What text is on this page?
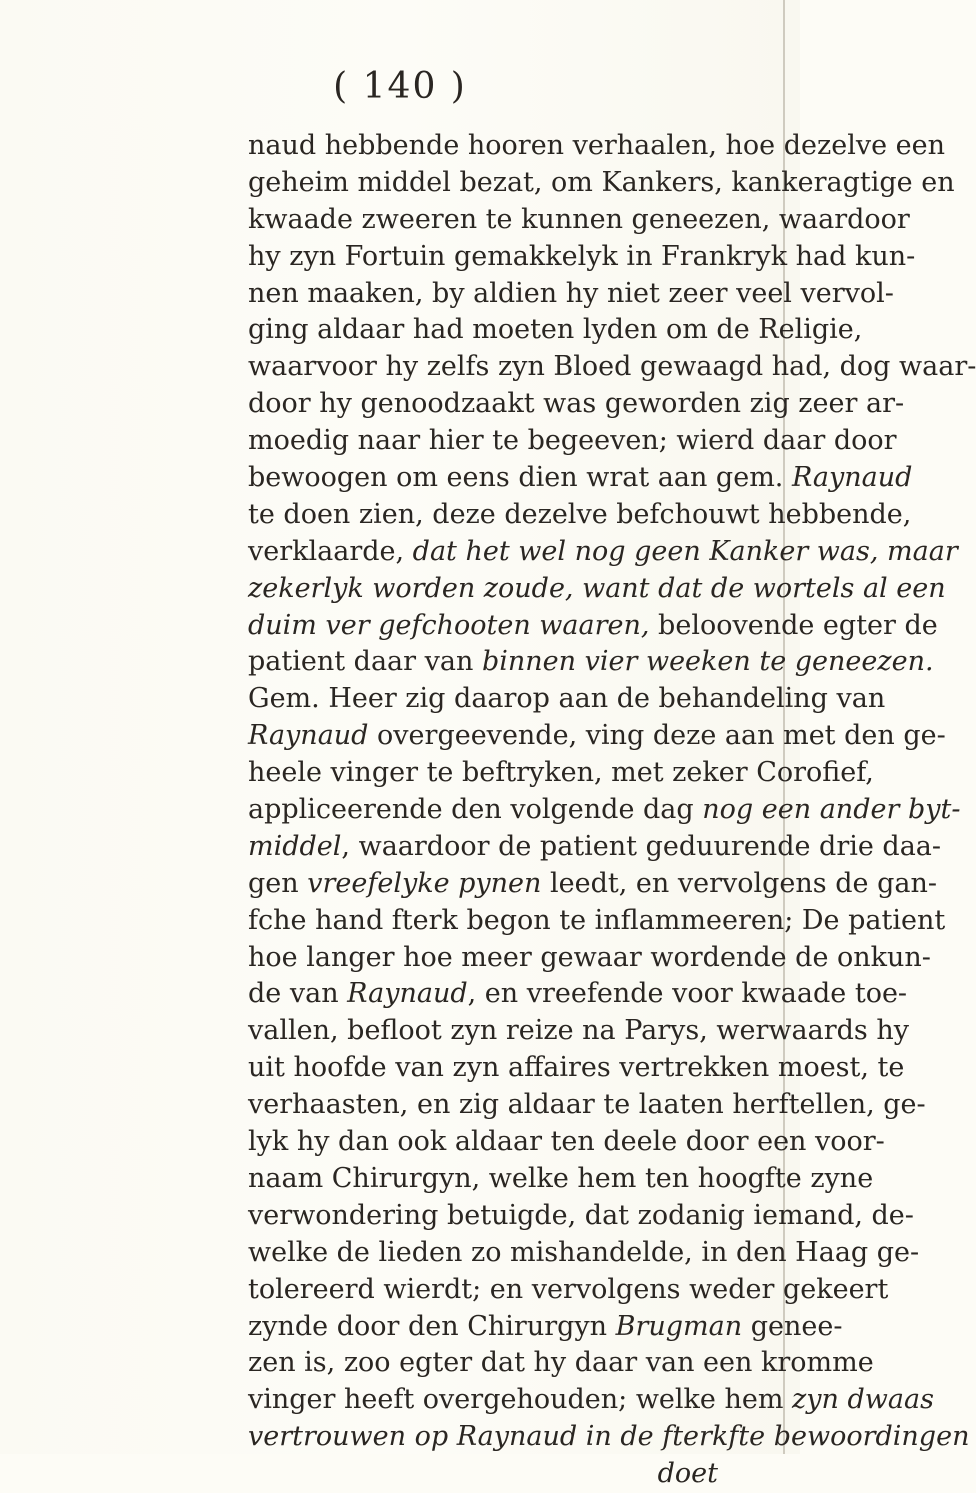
( 140 )
naud hebbende hooren verhaalen, hoe dezelve een
geheim middel bezat, om Kankers, kankeragtige en
kwaade zweeren te kunnen geneezen, waardoor
hy zyn Fortuin gemakkelyk in Frankryk had kun-
nen maaken, by aldien hy niet zeer veel vervol-
ging aldaar had moeten lyden om de Religie,
waarvoor hy zelfs zyn Bloed gewaagd had, dog waar-
door hy genoodzaakt was geworden zig zeer ar-
moedig naar hier te begeeven; wierd daar door
bewoogen om eens dien wrat aan gem. Raynaud
te doen zien, deze dezelve befchouwt hebbende,
verklaarde, dat het wel nog geen Kanker was, maar
zekerlyk worden zoude, want dat de wortels al een
duim ver gefchooten waaren, beloovende egter de
patient daar van binnen vier weeken te geneezen.
Gem. Heer zig daarop aan de behandeling van
Raynaud overgeevende, ving deze aan met den ge-
heele vinger te beftryken, met zeker Corofief,
appliceerende den volgende dag nog een ander byt-
middel, waardoor de patient geduurende drie daa-
gen vreefelyke pynen leedt, en vervolgens de gan-
fche hand fterk begon te inflammeeren; De patient
hoe langer hoe meer gewaar wordende de onkun-
de van Raynaud, en vreefende voor kwaade toe-
vallen, befloot zyn reize na Parys, werwaards hy
uit hoofde van zyn affaires vertrekken moest, te
verhaasten, en zig aldaar te laaten herftellen, ge-
lyk hy dan ook aldaar ten deele door een voor-
naam Chirurgyn, welke hem ten hoogfte zyne
verwondering betuigde, dat zodanig iemand, de-
welke de lieden zo mishandelde, in den Haag ge-
tolereerd wierdt; en vervolgens weder gekeert
zynde door den Chirurgyn Brugman genee-
zen is, zoo egter dat hy daar van een kromme
vinger heeft overgehouden; welke hem zyn dwaas
vertrouwen op Raynaud in de fterkfte bewoordingen
doet
